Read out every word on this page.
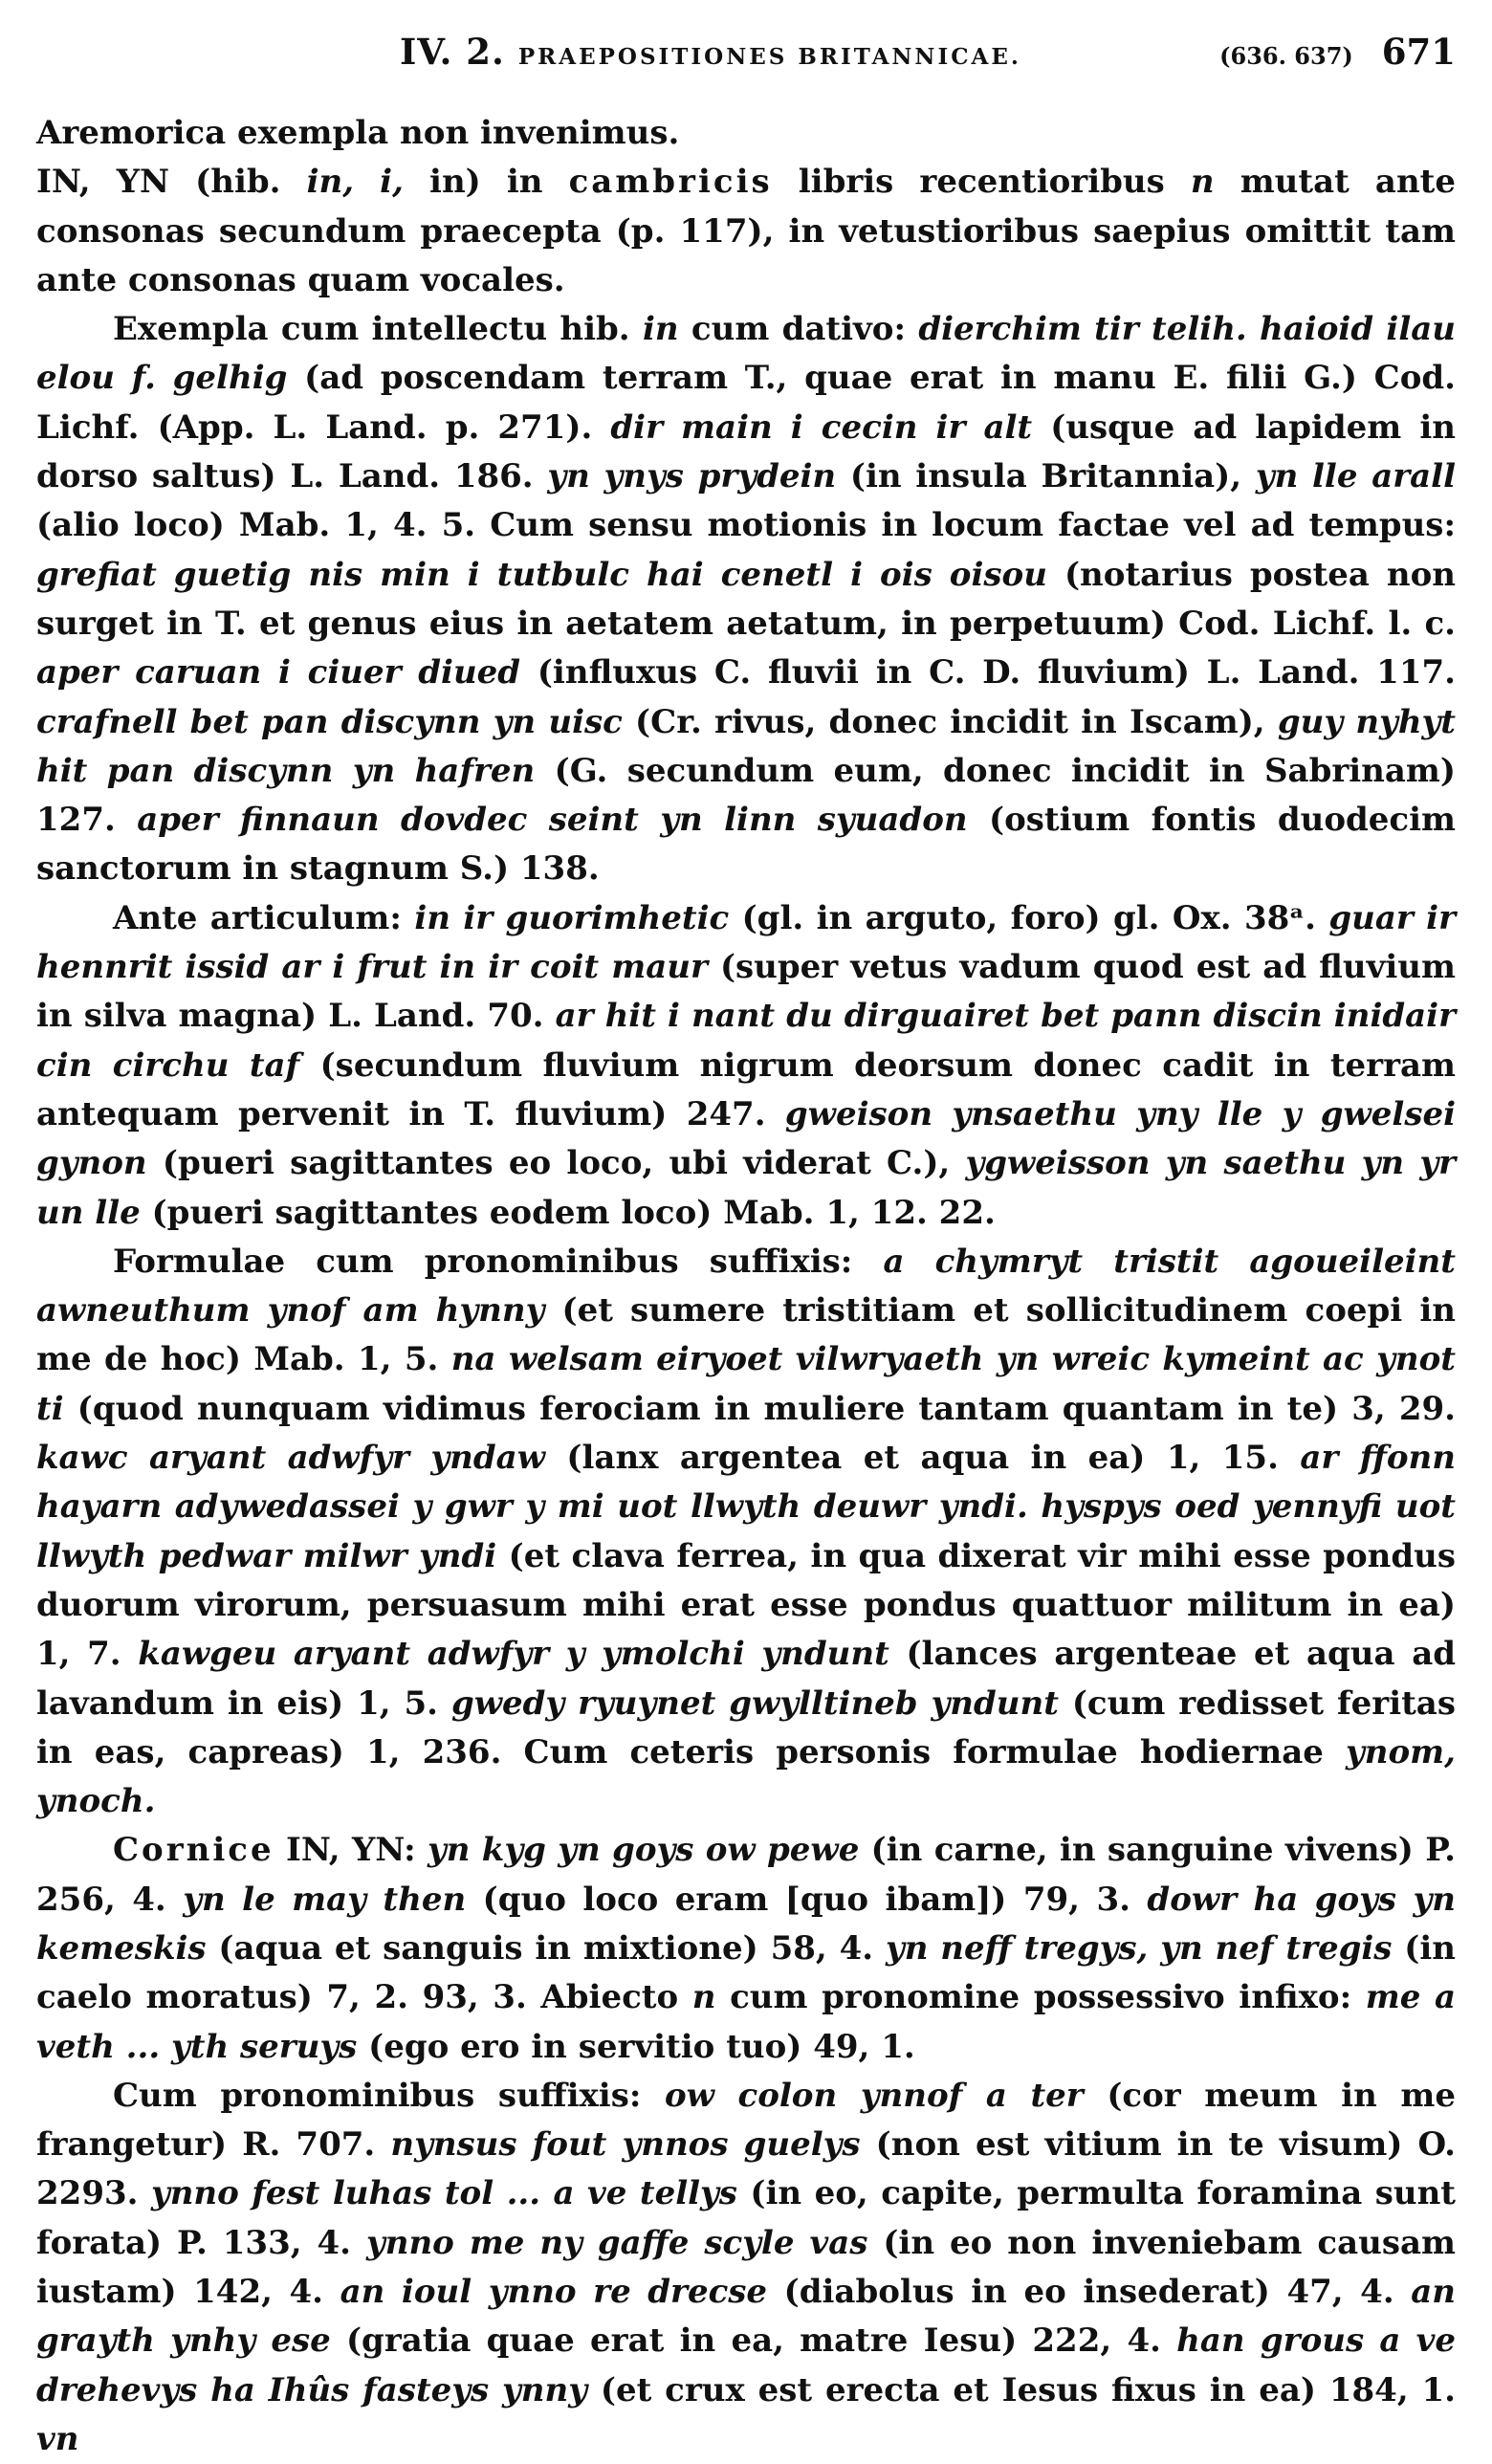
IV. 2. PRAEPOSITIONES BRITANNICAE.	(636. 637) 671

Aremorica exempla non invenimus.

IN, YN (hib. in, i, in) in cambricis libris recentioribus n mutat ante consonas secundum praecepta (p. 117), in vetustioribus saepius omittit tam ante consonas quam vocales.

Exempla cum intellectu hib. in cum dativo: dierchim tir telih. haioid ilau elou f. gelhig (ad poscendam terram T., quae erat in manu E. filii G.) Cod. Lichf. (App. L. Land. p. 271). dir main i cecin ir alt (usque ad lapidem in dorso saltus) L. Land. 186. yn ynys prydein (in insula Britannia), yn lle arall (alio loco) Mab. 1, 4. 5. Cum sensu motionis in locum factae vel ad tempus: grefiat guetig nis min i tutbulc hai cenetl i ois oisou (notarius postea non surget in T. et genus eius in aetatem aetatum, in perpetuum) Cod. Lichf. l. c. aper caruan i ciuer diued (influxus C. fluvii in C. D. fluvium) L. Land. 117. crafnell bet pan discynn yn uisc (Cr. rivus, donec incidit in Iscam), guy nyhyt hit pan discynn yn hafren (G. secundum eum, donec incidit in Sabrinam) 127. aper finnaun dovdec seint yn linn syuadon (ostium fontis duodecim sanctorum in stagnum S.) 138.

Ante articulum: in ir guorimhetic (gl. in arguto, foro) gl. Ox. 38ᵃ. guar ir hennrit issid ar i frut in ir coit maur (super vetus vadum quod est ad fluvium in silva magna) L. Land. 70. ar hit i nant du dirguairet bet pann discin inidair cin circhu taf (secundum fluvium nigrum deorsum donec cadit in terram antequam pervenit in T. fluvium) 247. gweison ynsaethu yny lle y gwelsei gynon (pueri sagittantes eo loco, ubi viderat C.), ygweisson yn saethu yn yr un lle (pueri sagittantes eodem loco) Mab. 1, 12. 22.

Formulae cum pronominibus suffixis: a chymryt tristit agoueileint awneuthum ynof am hynny (et sumere tristitiam et sollicitudinem coepi in me de hoc) Mab. 1, 5. na welsam eiryoet vilwryaeth yn wreic kymeint ac ynot ti (quod nunquam vidimus ferociam in muliere tantam quantam in te) 3, 29. kawc aryant adwfyr yndaw (lanx argentea et aqua in ea) 1, 15. ar ffonn hayarn adywedassei y gwr y mi uot llwyth deuwr yndi. hyspys oed yennyfi uot llwyth pedwar milwr yndi (et clava ferrea, in qua dixerat vir mihi esse pondus duorum virorum, persuasum mihi erat esse pondus quattuor militum in ea) 1, 7. kawgeu aryant adwfyr y ymolchi yndunt (lances argenteae et aqua ad lavandum in eis) 1, 5. gwedy ryuynet gwylltineb yndunt (cum redisset feritas in eas, capreas) 1, 236. Cum ceteris personis formulae hodiernae ynom, ynoch.

Cornice IN, YN: yn kyg yn goys ow pewe (in carne, in sanguine vivens) P. 256, 4. yn le may then (quo loco eram [quo ibam]) 79, 3. dowr ha goys yn kemeskis (aqua et sanguis in mixtione) 58, 4. yn neff tregys, yn nef tregis (in caelo moratus) 7, 2. 93, 3. Abiecto n cum pronomine possessivo infixo: me a veth ... yth seruys (ego ero in servitio tuo) 49, 1.

Cum pronominibus suffixis: ow colon ynnof a ter (cor meum in me frangetur) R. 707. nynsus fout ynnos guelys (non est vitium in te visum) O. 2293. ynno fest luhas tol ... a ve tellys (in eo, capite, permulta foramina sunt forata) P. 133, 4. ynno me ny gaffe scyle vas (in eo non inveniebam causam iustam) 142, 4. an ioul ynno re drecse (diabolus in eo insederat) 47, 4. an grayth ynhy ese (gratia quae erat in ea, matre Iesu) 222, 4. han grous a ve drehevys ha Ihûs fasteys ynny (et crux est erecta et Iesus fixus in ea) 184, 1. vn
